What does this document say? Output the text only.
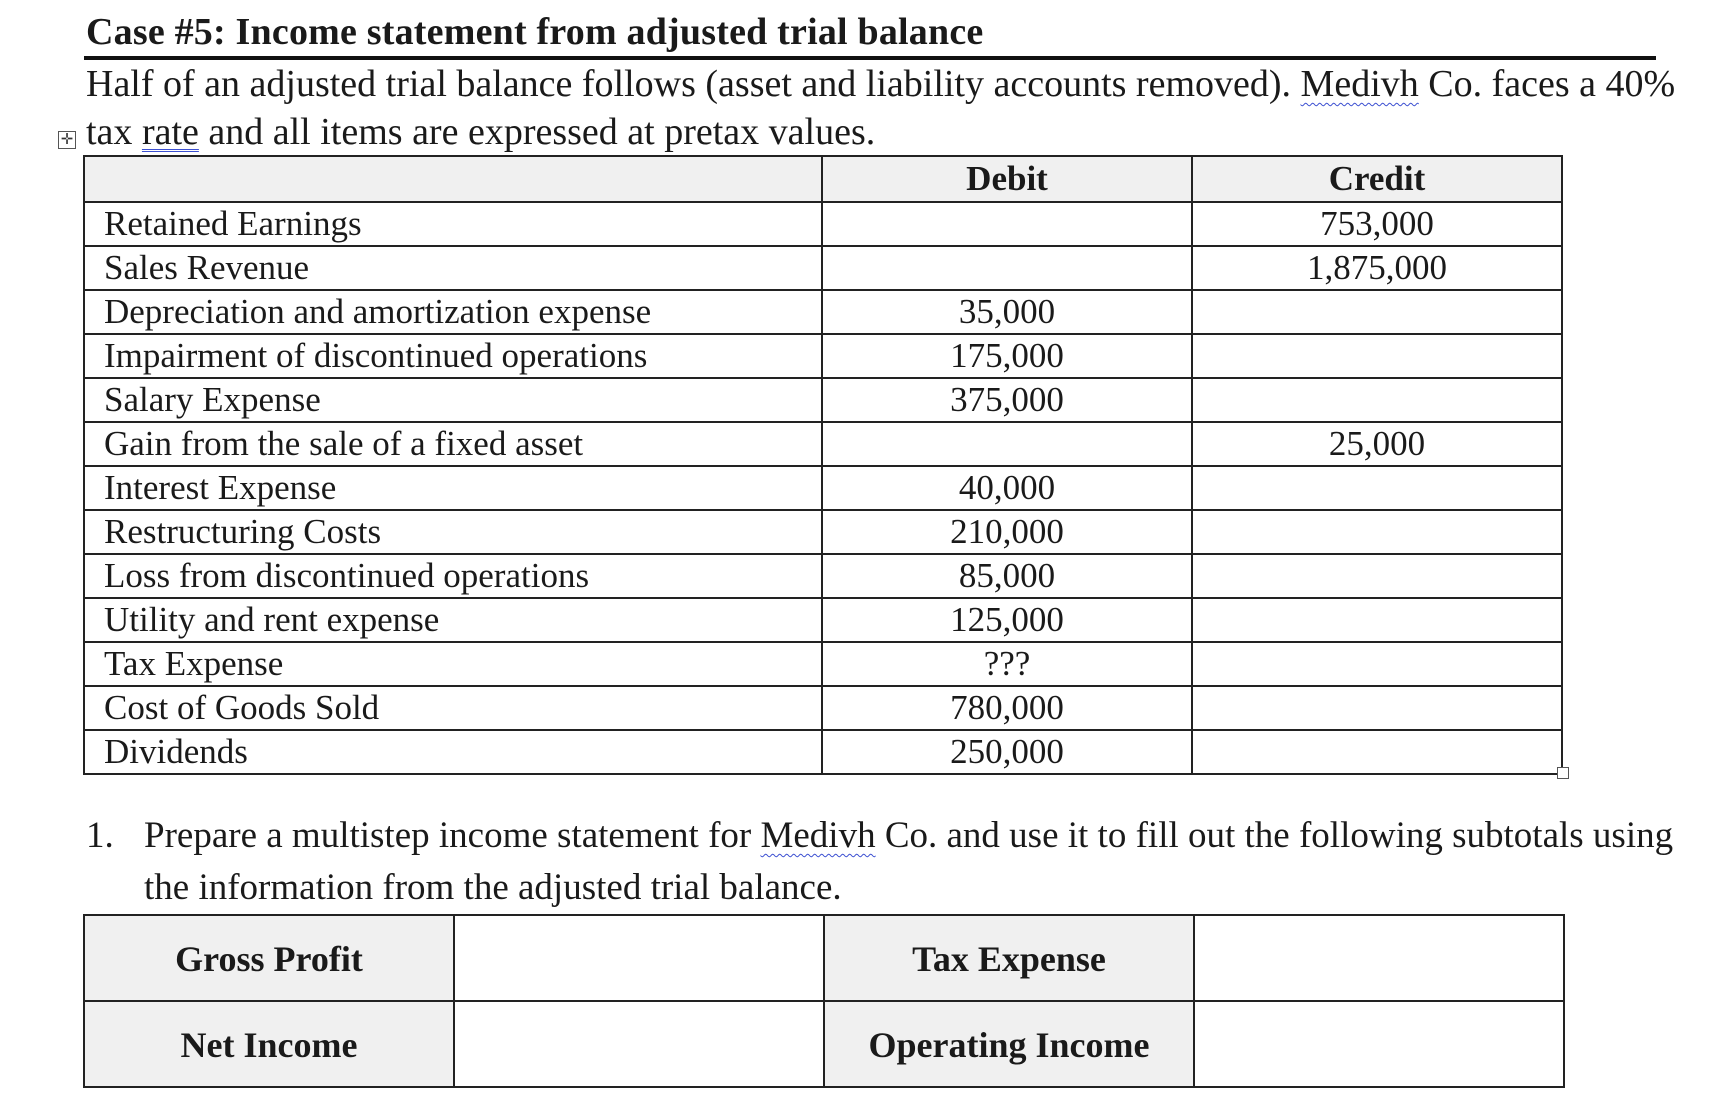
Case #5: Income statement from adjusted trial balance
Half of an adjusted trial balance follows (asset and liability accounts removed). Medivh Co. faces a 40% tax rate and all items are expressed at pretax values.
✛
	Debit	Credit
Retained Earnings		753,000
Sales Revenue		1,875,000
Depreciation and amortization expense	35,000	
Impairment of discontinued operations	175,000	
Salary Expense	375,000	
Gain from the sale of a fixed asset		25,000
Interest Expense	40,000	
Restructuring Costs	210,000	
Loss from discontinued operations	85,000	
Utility and rent expense	125,000	
Tax Expense	???	
Cost of Goods Sold	780,000	
Dividends	250,000	
1. Prepare a multistep income statement for Medivh Co. and use it to fill out the following subtotals using the information from the adjusted trial balance.
Gross Profit		Tax Expense	
Net Income		Operating Income	
